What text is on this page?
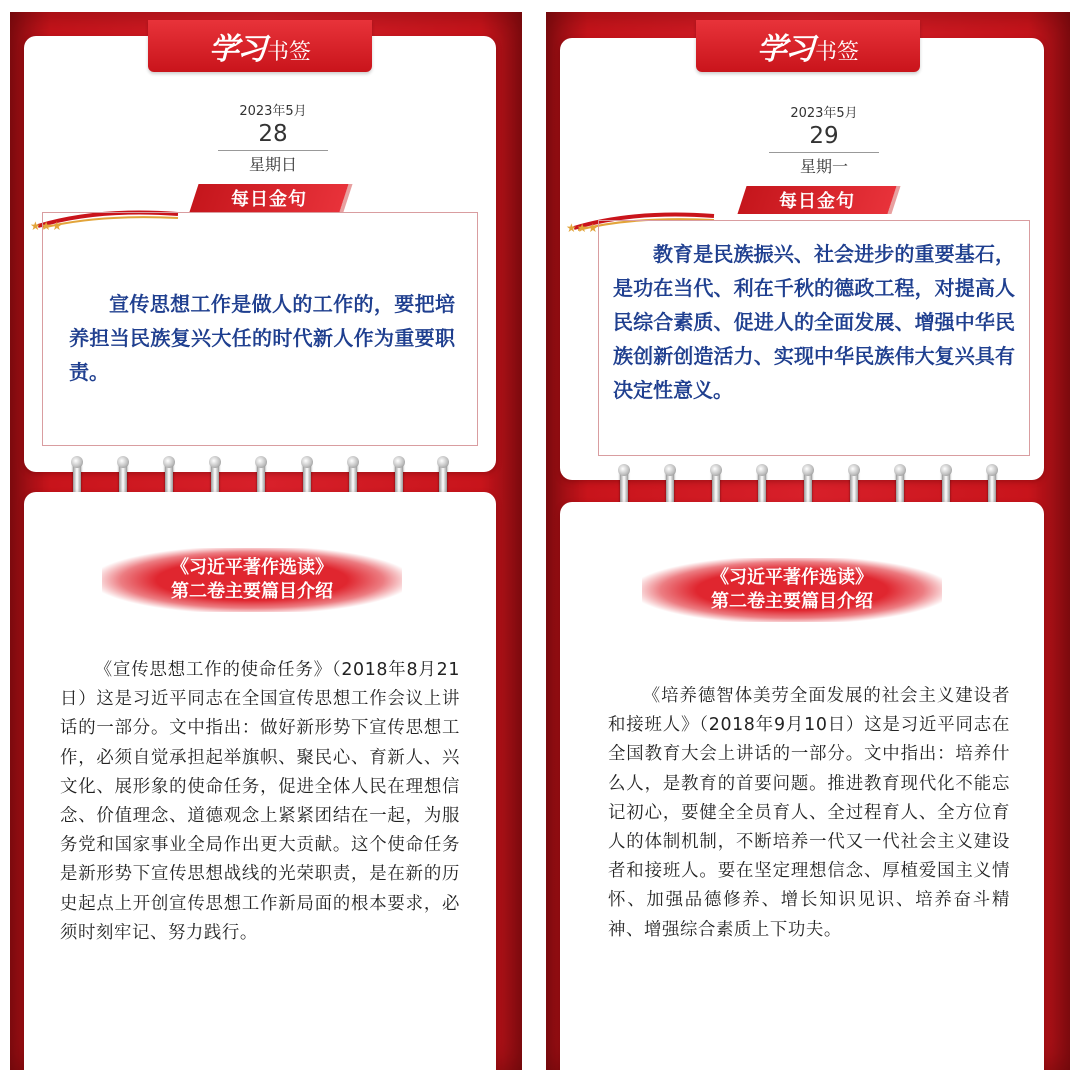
2023年5月
28
星期日
★★★
每日金句
宣传思想工作是做人的工作的，要把培养担当民族复兴大任的时代新人作为重要职责。
学习 书签
《习近平著作选读》
第二卷主要篇目介绍
《宣传思想工作的使命任务》（2018年8月21日）这是习近平同志在全国宣传思想工作会议上讲话的一部分。文中指出：做好新形势下宣传思想工作，必须自觉承担起举旗帜、聚民心、育新人、兴文化、展形象的使命任务，促进全体人民在理想信念、价值理念、道德观念上紧紧团结在一起，为服务党和国家事业全局作出更大贡献。这个使命任务是新形势下宣传思想战线的光荣职责，是在新的历史起点上开创宣传思想工作新局面的根本要求，必须时刻牢记、努力践行。
2023年5月
29
星期一
★★★
每日金句
教育是民族振兴、社会进步的重要基石，是功在当代、利在千秋的德政工程，对提高人民综合素质、促进人的全面发展、增强中华民族创新创造活力、实现中华民族伟大复兴具有决定性意义。
学习 书签
《习近平著作选读》
第二卷主要篇目介绍
《培养德智体美劳全面发展的社会主义建设者和接班人》（2018年9月10日）这是习近平同志在全国教育大会上讲话的一部分。文中指出：培养什么人，是教育的首要问题。推进教育现代化不能忘记初心，要健全全员育人、全过程育人、全方位育人的体制机制，不断培养一代又一代社会主义建设者和接班人。要在坚定理想信念、厚植爱国主义情怀、加强品德修养、增长知识见识、培养奋斗精神、增强综合素质上下功夫。
